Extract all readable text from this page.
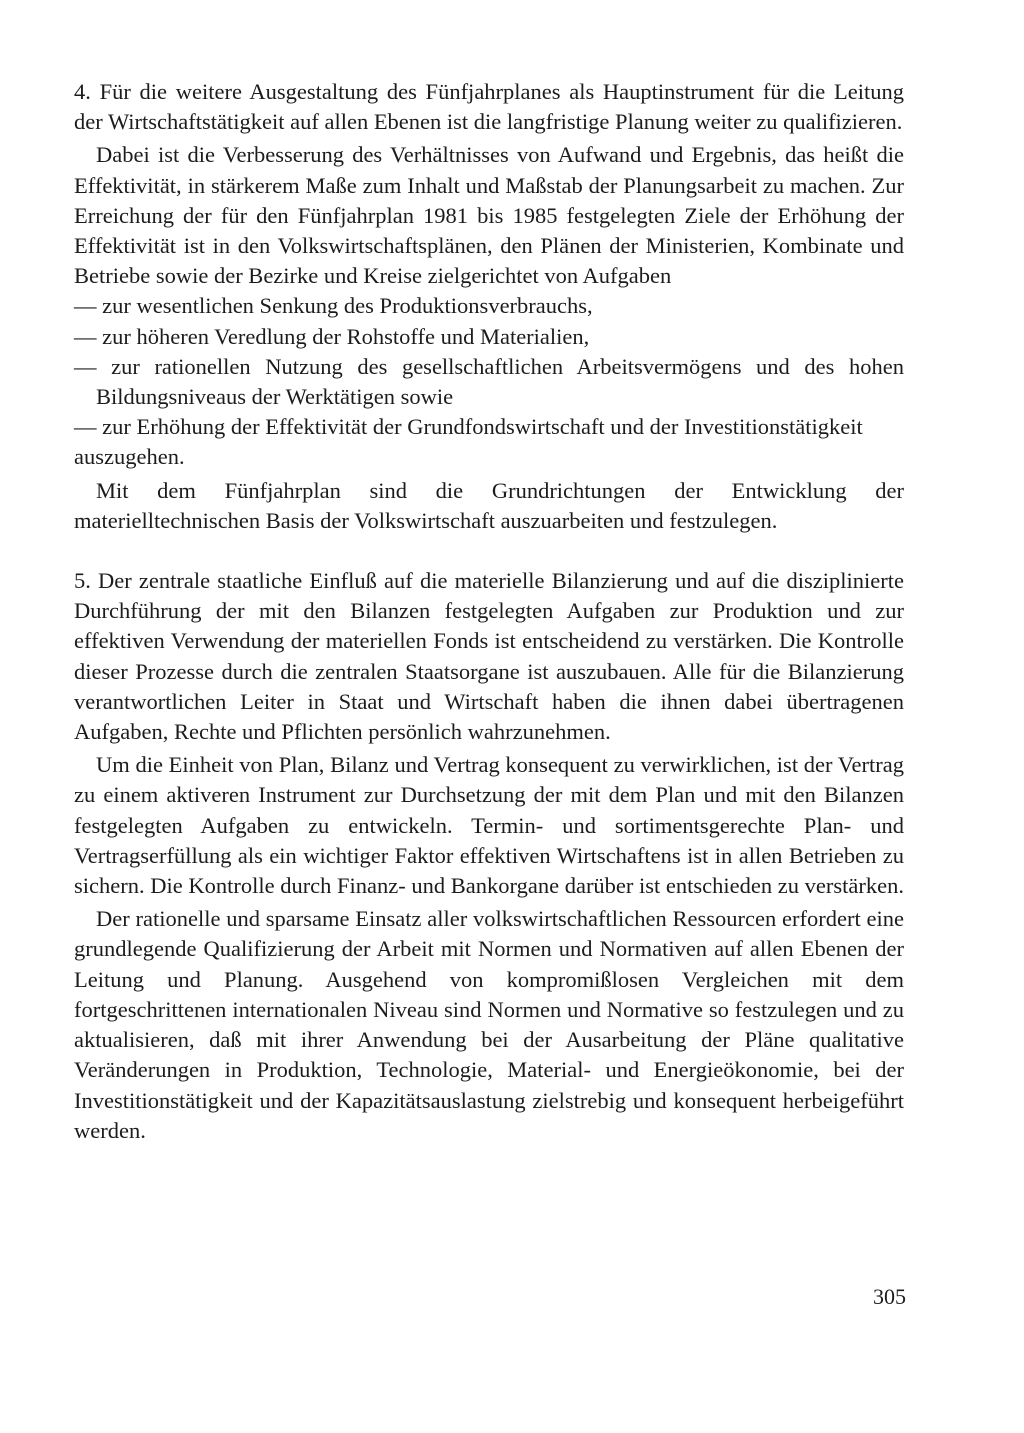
4. Für die weitere Ausgestaltung des Fünfjahrplanes als Hauptinstrument für die Leitung der Wirtschaftstätigkeit auf allen Ebenen ist die langfristige Planung weiter zu qualifizieren.

Dabei ist die Verbesserung des Verhältnisses von Aufwand und Ergebnis, das heißt die Effektivität, in stärkerem Maße zum Inhalt und Maßstab der Planungsarbeit zu machen. Zur Erreichung der für den Fünfjahrplan 1981 bis 1985 festgelegten Ziele der Erhöhung der Effektivität ist in den Volkswirtschaftsplänen, den Plänen der Ministerien, Kombinate und Betriebe sowie der Bezirke und Kreise zielgerichtet von Aufgaben

— zur wesentlichen Senkung des Produktionsverbrauchs,

— zur höheren Veredlung der Rohstoffe und Materialien,

— zur rationellen Nutzung des gesellschaftlichen Arbeitsvermögens und des hohen Bildungsniveaus der Werktätigen sowie

— zur Erhöhung der Effektivität der Grundfondswirtschaft und der Investitionstätigkeit

auszugehen.

Mit dem Fünfjahrplan sind die Grundrichtungen der Entwicklung der materielltechnischen Basis der Volkswirtschaft auszuarbeiten und festzulegen.

5. Der zentrale staatliche Einfluß auf die materielle Bilanzierung und auf die disziplinierte Durchführung der mit den Bilanzen festgelegten Aufgaben zur Produktion und zur effektiven Verwendung der materiellen Fonds ist entscheidend zu verstärken. Die Kontrolle dieser Prozesse durch die zentralen Staatsorgane ist auszubauen. Alle für die Bilanzierung verantwortlichen Leiter in Staat und Wirtschaft haben die ihnen dabei übertragenen Aufgaben, Rechte und Pflichten persönlich wahrzunehmen.

Um die Einheit von Plan, Bilanz und Vertrag konsequent zu verwirklichen, ist der Vertrag zu einem aktiveren Instrument zur Durchsetzung der mit dem Plan und mit den Bilanzen festgelegten Aufgaben zu entwickeln. Termin- und sortimentsgerechte Plan- und Vertragserfüllung als ein wichtiger Faktor effektiven Wirtschaftens ist in allen Betrieben zu sichern. Die Kontrolle durch Finanz- und Bankorgane darüber ist entschieden zu verstärken.

Der rationelle und sparsame Einsatz aller volkswirtschaftlichen Ressourcen erfordert eine grundlegende Qualifizierung der Arbeit mit Normen und Normativen auf allen Ebenen der Leitung und Planung. Ausgehend von kompromißlosen Vergleichen mit dem fortgeschrittenen internationalen Niveau sind Normen und Normative so festzulegen und zu aktualisieren, daß mit ihrer Anwendung bei der Ausarbeitung der Pläne qualitative Veränderungen in Produktion, Technologie, Material- und Energieökonomie, bei der Investitionstätigkeit und der Kapazitätsauslastung zielstrebig und konsequent herbeigeführt werden.

305
